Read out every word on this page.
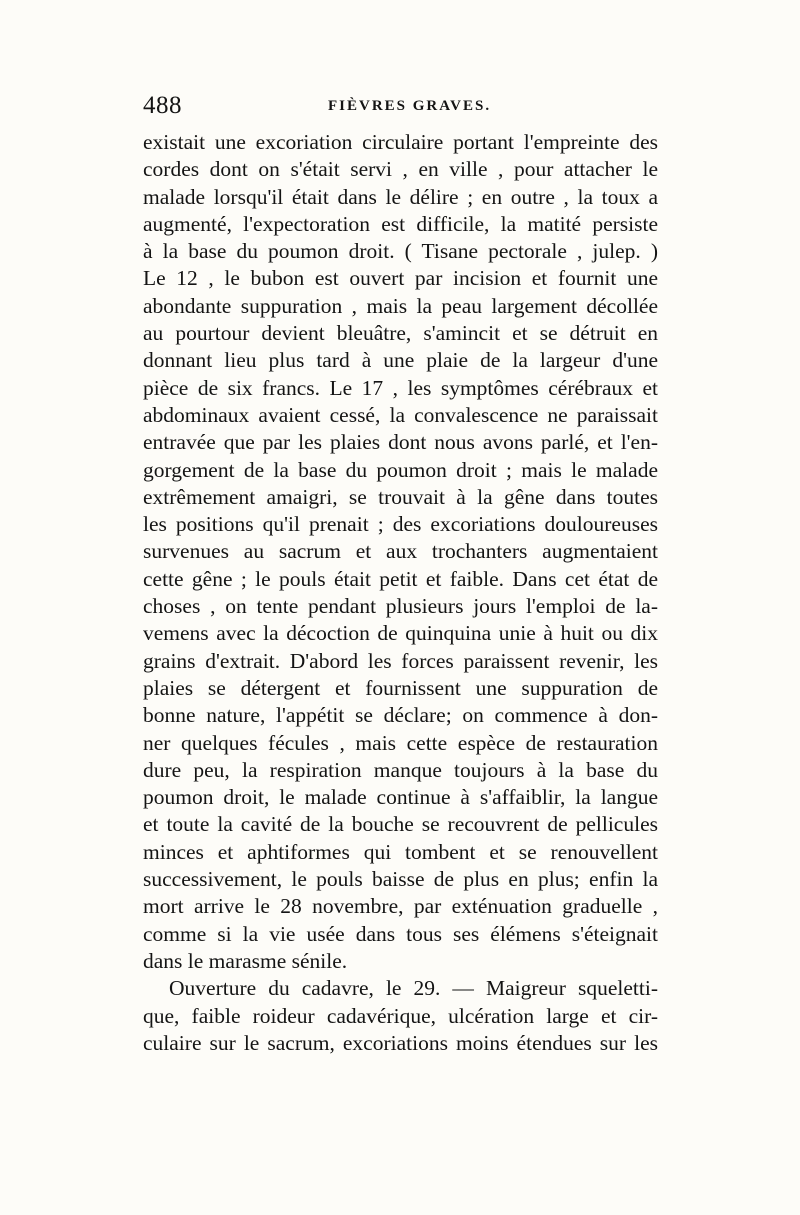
488	FIÈVRES GRAVES.
existait une excoriation circulaire portant l'empreinte des
cordes dont on s'était servi , en ville , pour attacher le
malade lorsqu'il était dans le délire ; en outre , la toux a
augmenté, l'expectoration est difficile, la matité persiste
à la base du poumon droit. ( Tisane pectorale , julep. )
Le 12 , le bubon est ouvert par incision et fournit une
abondante suppuration , mais la peau largement décollée
au pourtour devient bleuâtre, s'amincit et se détruit en
donnant lieu plus tard à une plaie de la largeur d'une
pièce de six francs. Le 17 , les symptômes cérébraux et
abdominaux avaient cessé, la convalescence ne paraissait
entravée que par les plaies dont nous avons parlé, et l'en-
gorgement de la base du poumon droit ; mais le malade
extrêmement amaigri, se trouvait à la gêne dans toutes
les positions qu'il prenait ; des excoriations douloureuses
survenues au sacrum et aux trochanters augmentaient
cette gêne ; le pouls était petit et faible. Dans cet état de
choses , on tente pendant plusieurs jours l'emploi de la-
vemens avec la décoction de quinquina unie à huit ou dix
grains d'extrait. D'abord les forces paraissent revenir, les
plaies se détergent et fournissent une suppuration de
bonne nature, l'appétit se déclare; on commence à don-
ner quelques fécules , mais cette espèce de restauration
dure peu, la respiration manque toujours à la base du
poumon droit, le malade continue à s'affaiblir, la langue
et toute la cavité de la bouche se recouvrent de pellicules
minces et aphtiformes qui tombent et se renouvellent
successivement, le pouls baisse de plus en plus; enfin la
mort arrive le 28 novembre, par exténuation graduelle ,
comme si la vie usée dans tous ses élémens s'éteignait
dans le marasme sénile.
Ouverture du cadavre, le 29. — Maigreur squeletti-
que, faible roideur cadavérique, ulcération large et cir-
culaire sur le sacrum, excoriations moins étendues sur les
